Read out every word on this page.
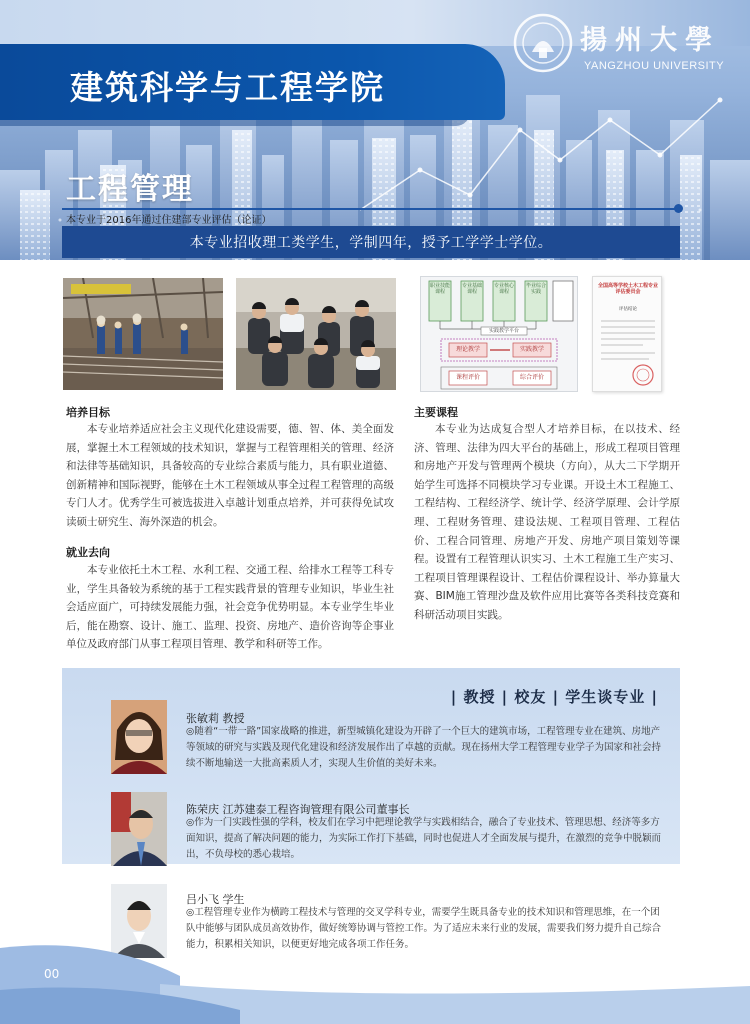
建筑科学与工程学院
揚州大學
YANGZHOU UNIVERSITY
工程管理
本专业于2016年通过住建部专业评估（论证）
本专业招收理工类学生，学制四年，授予工学学士学位。
职业技能课程
专业基础课程
专业核心课程
毕业综合实践
实践教学平台
理论教学	实践教学
课程评价	综合评价
全国高等学校土木工程专业评估委员会
评估结论
培养目标
本专业培养适应社会主义现代化建设需要，德、智、体、美全面发展，掌握土木工程领域的技术知识，掌握与工程管理相关的管理、经济和法律等基础知识，具备较高的专业综合素质与能力，具有职业道德、创新精神和国际视野，能够在土木工程领域从事全过程工程管理的高级专门人才。优秀学生可被选拔进入卓越计划重点培养，并可获得免试攻读硕士研究生、海外深造的机会。
就业去向
本专业依托土木工程、水利工程、交通工程、给排水工程等工科专业，学生具备较为系统的基于工程实践背景的管理专业知识，毕业生社会适应面广，可持续发展能力强，社会竞争优势明显。本专业学生毕业后，能在勘察、设计、施工、监理、投资、房地产、造价咨询等企事业单位及政府部门从事工程项目管理、教学和科研等工作。
主要课程
本专业为达成复合型人才培养目标，在以技术、经济、管理、法律为四大平台的基础上，形成工程项目管理和房地产开发与管理两个模块（方向），从大二下学期开始学生可选择不同模块学习专业课。开设土木工程施工、工程结构、工程经济学、统计学、经济学原理、会计学原理、工程财务管理、建设法规、工程项目管理、工程估价、工程合同管理、房地产开发、房地产项目策划等课程。设置有工程管理认识实习、土木工程施工生产实习、工程项目管理课程设计、工程估价课程设计、举办算量大赛、BIM施工管理沙盘及软件应用比赛等各类科技竞赛和科研活动项目实践。
| 教授 | 校友 | 学生谈专业 |
张敏莉 教授
◎随着“一带一路”国家战略的推进，新型城镇化建设为开辟了一个巨大的建筑市场，工程管理专业在建筑、房地产等领域的研究与实践及现代化建设和经济发展作出了卓越的贡献。现在扬州大学工程管理专业学子为国家和社会持续不断地输送一大批高素质人才，实现人生价值的美好未来。
陈荣庆 江苏建泰工程咨询管理有限公司董事长
◎作为一门实践性强的学科，校友们在学习中把理论教学与实践相结合，融合了专业技术、管理思想、经济等多方面知识，提高了解决问题的能力，为实际工作打下基础，同时也促进人才全面发展与提升，在激烈的竞争中脱颖而出，不负母校的悉心栽培。
吕小飞 学生
◎工程管理专业作为横跨工程技术与管理的交叉学科专业，需要学生既具备专业的技术知识和管理思维，在一个团队中能够与团队成员高效协作，做好统筹协调与管控工作。为了适应未来行业的发展，需要我们努力提升自己综合能力，积累相关知识，以便更好地完成各项工作任务。
00
